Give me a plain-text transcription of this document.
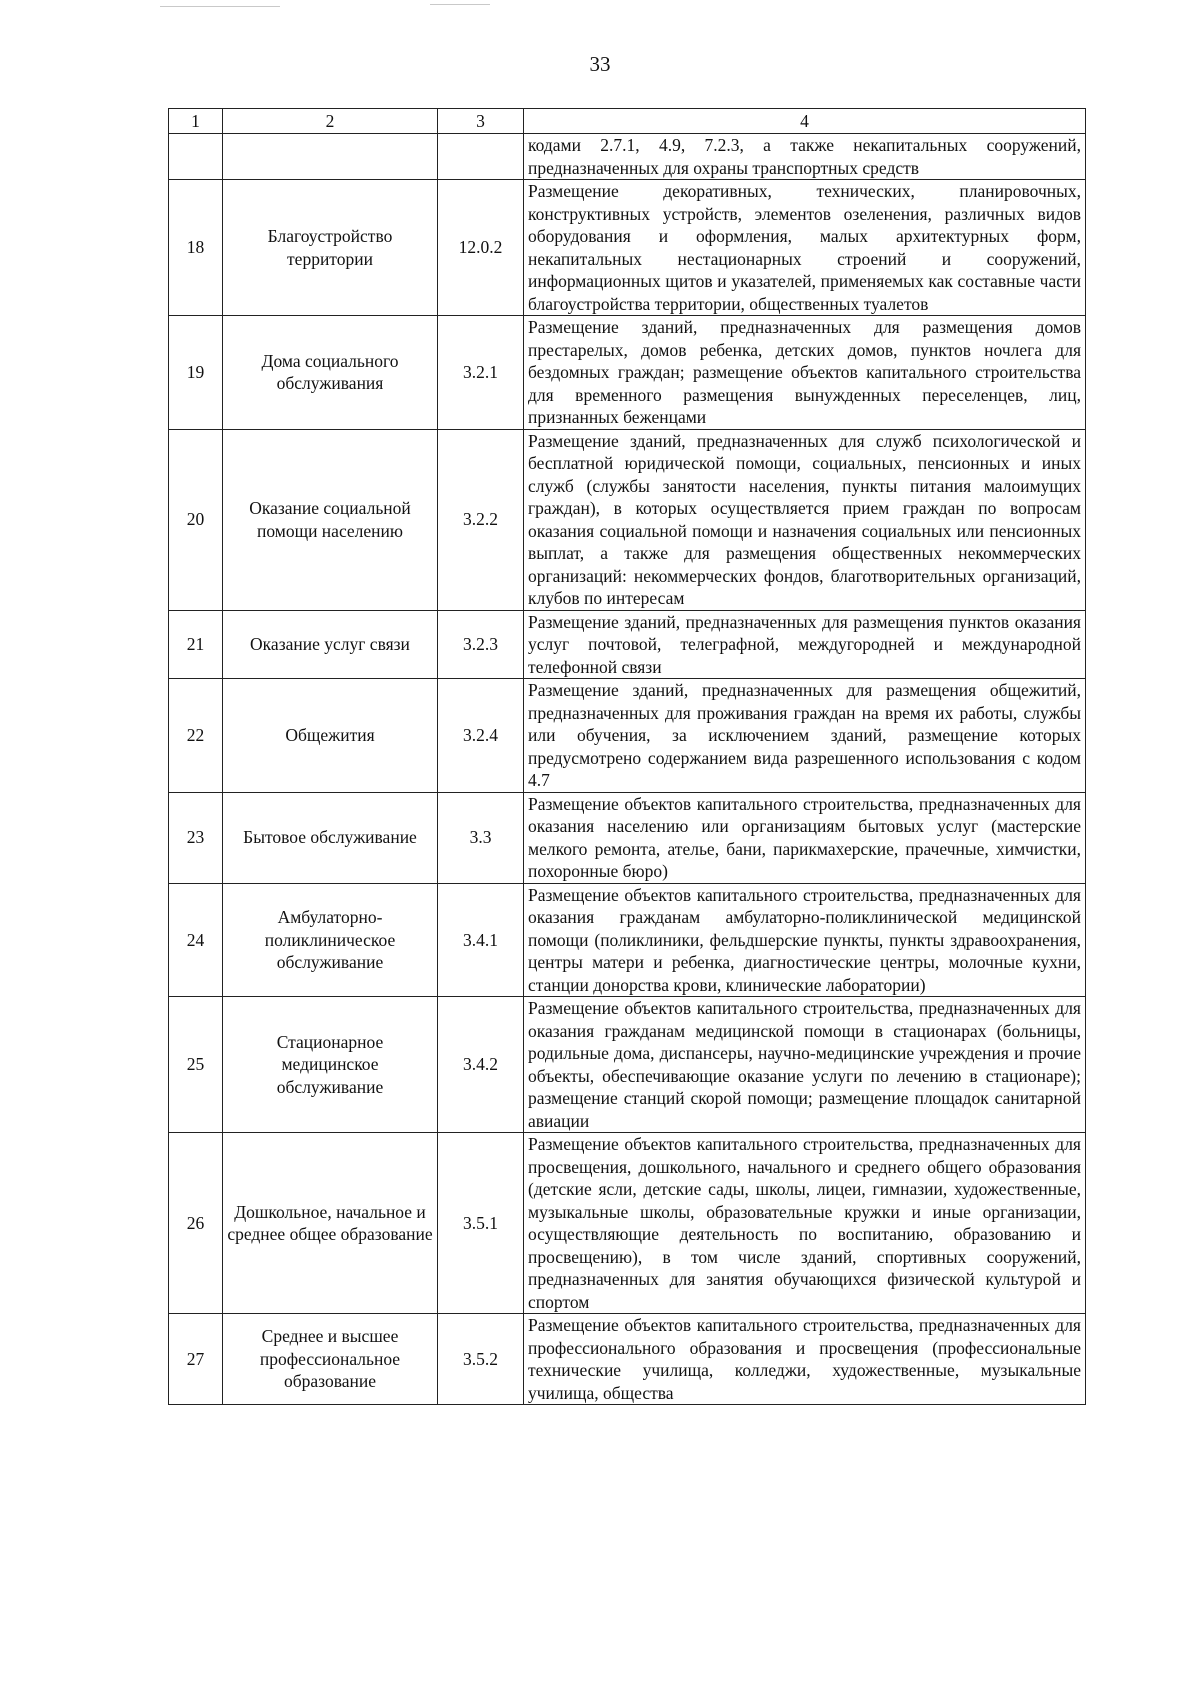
33
1	2	3	4
			кодами 2.7.1, 4.9, 7.2.3, а также некапитальных сооружений, предназначенных для охраны транспортных средств
18	Благоустройство территории	12.0.2	Размещение декоративных, технических, планировочных, конструктивных устройств, элементов озеленения, различных видов оборудования и оформления, малых архитектурных форм, некапитальных нестационарных строений и сооружений, информационных щитов и указателей, применяемых как составные части благоустройства территории, общественных туалетов
19	Дома социального обслуживания	3.2.1	Размещение зданий, предназначенных для размещения домов престарелых, домов ребенка, детских домов, пунктов ночлега для бездомных граждан; размещение объектов капитального строительства для временного размещения вынужденных переселенцев, лиц, признанных беженцами
20	Оказание социальной помощи населению	3.2.2	Размещение зданий, предназначенных для служб психологической и бесплатной юридической помощи, социальных, пенсионных и иных служб (службы занятости населения, пункты питания малоимущих граждан), в которых осуществляется прием граждан по вопросам оказания социальной помощи и назначения социальных или пенсионных выплат, а также для размещения общественных некоммерческих организаций: некоммерческих фондов, благотворительных организаций, клубов по интересам
21	Оказание услуг связи	3.2.3	Размещение зданий, предназначенных для размещения пунктов оказания услуг почтовой, телеграфной, междугородней и международной телефонной связи
22	Общежития	3.2.4	Размещение зданий, предназначенных для размещения общежитий, предназначенных для проживания граждан на время их работы, службы или обучения, за исключением зданий, размещение которых предусмотрено содержанием вида разрешенного использования с кодом 4.7
23	Бытовое обслуживание	3.3	Размещение объектов капитального строительства, предназначенных для оказания населению или организациям бытовых услуг (мастерские мелкого ремонта, ателье, бани, парикмахерские, прачечные, химчистки, похоронные бюро)
24	Амбулаторно-поликлиническое обслуживание	3.4.1	Размещение объектов капитального строительства, предназначенных для оказания гражданам амбулаторно-поликлинической медицинской помощи (поликлиники, фельдшерские пункты, пункты здравоохранения, центры матери и ребенка, диагностические центры, молочные кухни, станции донорства крови, клинические лаборатории)
25	Стационарное медицинское обслуживание	3.4.2	Размещение объектов капитального строительства, предназначенных для оказания гражданам медицинской помощи в стационарах (больницы, родильные дома, диспансеры, научно-медицинские учреждения и прочие объекты, обеспечивающие оказание услуги по лечению в стационаре); размещение станций скорой помощи; размещение площадок санитарной авиации
26	Дошкольное, начальное и среднее общее образование	3.5.1	Размещение объектов капитального строительства, предназначенных для просвещения, дошкольного, начального и среднего общего образования (детские ясли, детские сады, школы, лицеи, гимназии, художественные, музыкальные школы, образовательные кружки и иные организации, осуществляющие деятельность по воспитанию, образованию и просвещению), в том числе зданий, спортивных сооружений, предназначенных для занятия обучающихся физической культурой и спортом
27	Среднее и высшее профессиональное образование	3.5.2	Размещение объектов капитального строительства, предназначенных для профессионального образования и просвещения (профессиональные технические училища, колледжи, художественные, музыкальные училища, общества
